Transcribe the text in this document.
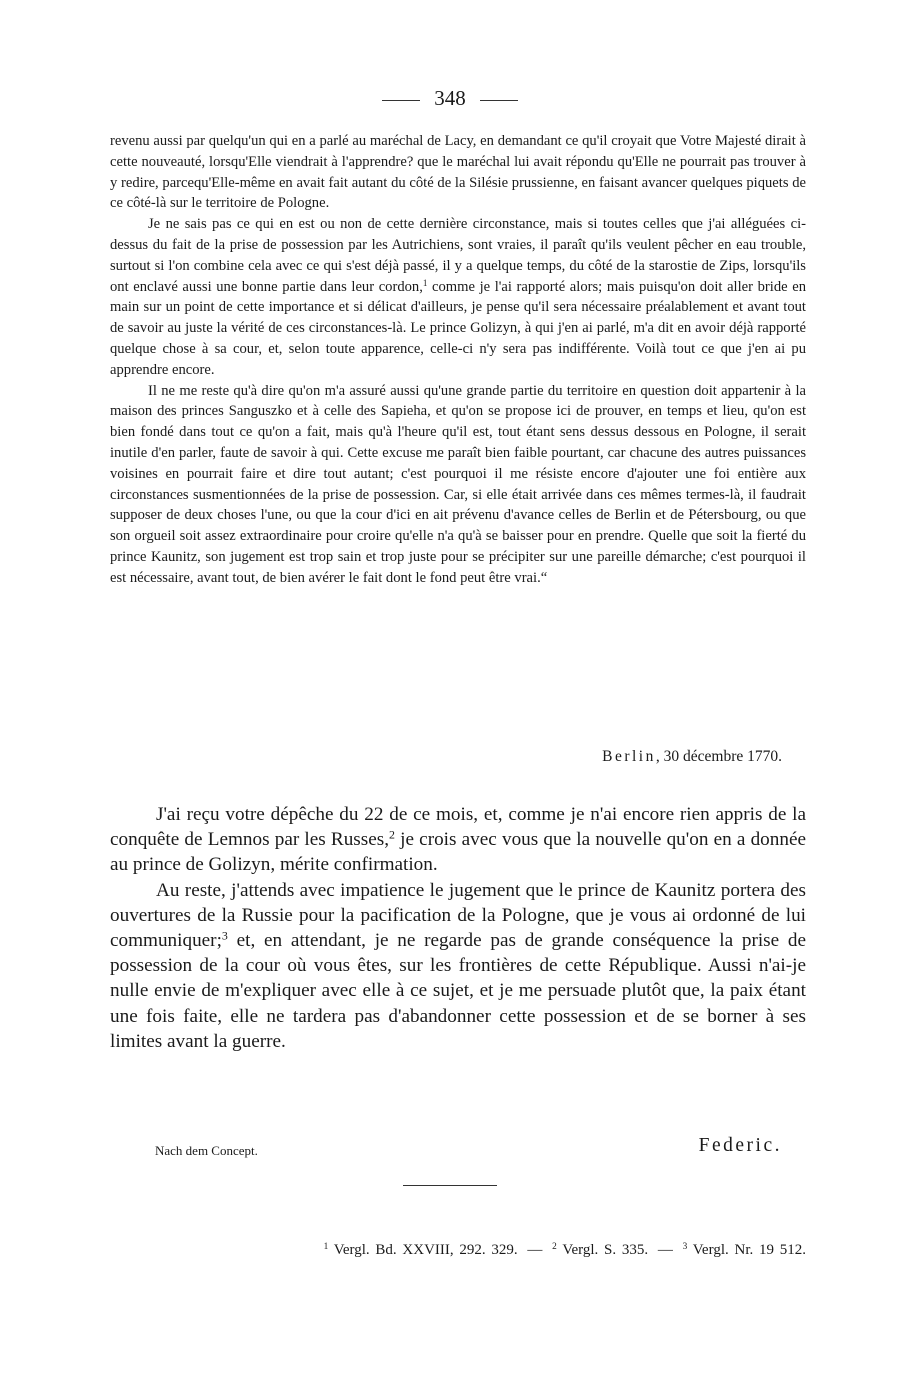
348

revenu aussi par quelqu'un qui en a parlé au maréchal de Lacy, en demandant ce qu'il croyait que Votre Majesté dirait à cette nouveauté, lorsqu'Elle viendrait à l'apprendre? que le maréchal lui avait répondu qu'Elle ne pourrait pas trouver à y redire, parcequ'Elle-même en avait fait autant du côté de la Silésie prussienne, en faisant avancer quelques piquets de ce côté-là sur le territoire de Pologne.

Je ne sais pas ce qui en est ou non de cette dernière circonstance, mais si toutes celles que j'ai alléguées ci-dessus du fait de la prise de possession par les Autrichiens, sont vraies, il paraît qu'ils veulent pêcher en eau trouble, surtout si l'on combine cela avec ce qui s'est déjà passé, il y a quelque temps, du côté de la starostie de Zips, lorsqu'ils ont enclavé aussi une bonne partie dans leur cordon,$^1$ comme je l'ai rapporté alors; mais puisqu'on doit aller bride en main sur un point de cette importance et si délicat d'ailleurs, je pense qu'il sera nécessaire préalablement et avant tout de savoir au juste la vérité de ces circonstances-là. Le prince Golizyn, à qui j'en ai parlé, m'a dit en avoir déjà rapporté quelque chose à sa cour, et, selon toute apparence, celle-ci n'y sera pas indifférente. Voilà tout ce que j'en ai pu apprendre encore.

Il ne me reste qu'à dire qu'on m'a assuré aussi qu'une grande partie du territoire en question doit appartenir à la maison des princes Sanguszko et à celle des Sapieha, et qu'on se propose ici de prouver, en temps et lieu, qu'on est bien fondé dans tout ce qu'on a fait, mais qu'à l'heure qu'il est, tout étant sens dessus dessous en Pologne, il serait inutile d'en parler, faute de savoir à qui. Cette excuse me paraît bien faible pourtant, car chacune des autres puissances voisines en pourrait faire et dire tout autant; c'est pourquoi il me résiste encore d'ajouter une foi entière aux circonstances susmentionnées de la prise de possession. Car, si elle était arrivée dans ces mêmes termes-là, il faudrait supposer de deux choses l'une, ou que la cour d'ici en ait prévenu d'avance celles de Berlin et de Pétersbourg, ou que son orgueil soit assez extraordinaire pour croire qu'elle n'a qu'à se baisser pour en prendre. Quelle que soit la fierté du prince Kaunitz, son jugement est trop sain et trop juste pour se précipiter sur une pareille démarche; c'est pourquoi il est nécessaire, avant tout, de bien avérer le fait dont le fond peut être vrai.“

Berlin, 30 décembre 1770.

J'ai reçu votre dépêche du 22 de ce mois, et, comme je n'ai encore rien appris de la conquête de Lemnos par les Russes,$^2$ je crois avec vous que la nouvelle qu'on en a donnée au prince de Golizyn, mérite confirmation.

Au reste, j'attends avec impatience le jugement que le prince de Kaunitz portera des ouvertures de la Russie pour la pacification de la Pologne, que je vous ai ordonné de lui communiquer;$^3$ et, en attendant, je ne regarde pas de grande conséquence la prise de possession de la cour où vous êtes, sur les frontières de cette République. Aussi n'ai-je nulle envie de m'expliquer avec elle à ce sujet, et je me persuade plutôt que, la paix étant une fois faite, elle ne tardera pas d'abandonner cette possession et de se borner à ses limites avant la guerre.

Nach dem Concept.	Federic.
$^1$ Vergl. Bd. XXVIII, 292. 329. — $^2$ Vergl. S. 335. — $^3$ Vergl. Nr. 19 512.
